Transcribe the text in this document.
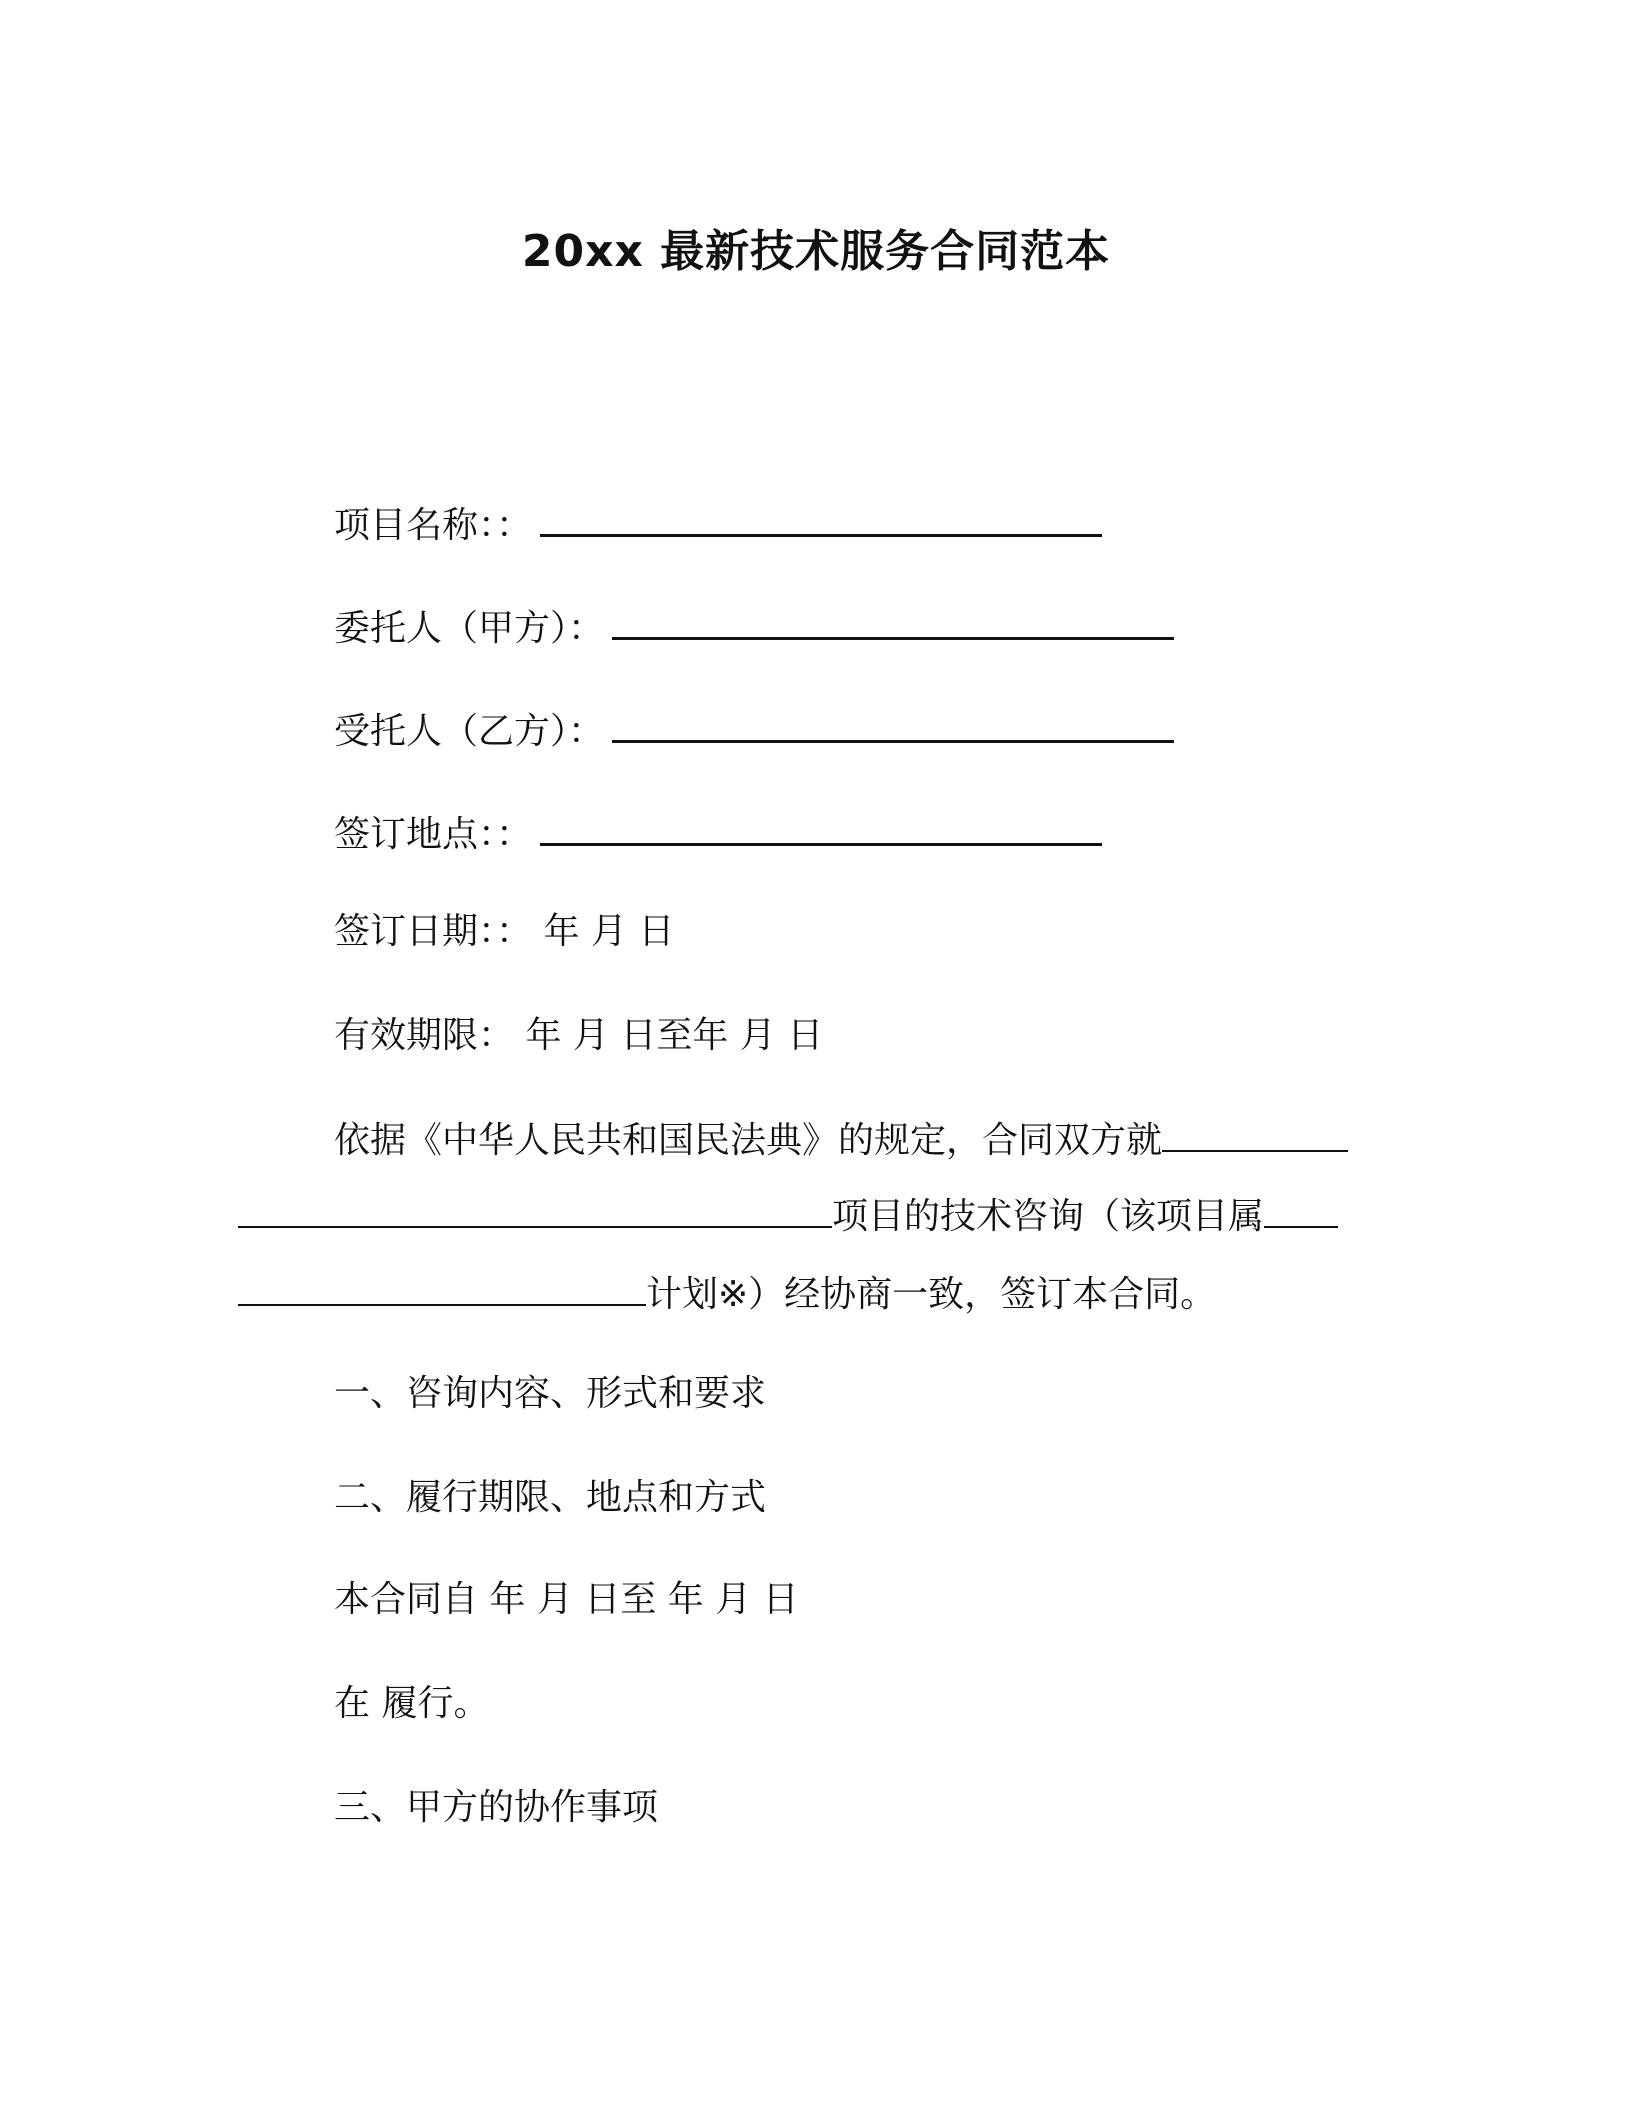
20xx 最新技术服务合同范本
项目名称：：
委托人（甲方）：
受托人（乙方）：
签订地点：：
签订日期：： 年 月 日
有效期限： 年 月 日至年 月 日
依据《中华人民共和国民法典》的规定，合同双方就
项目的技术咨询（该项目属
计划※）经协商一致，签订本合同。
一、咨询内容、形式和要求
二、履行期限、地点和方式
本合同自 年 月 日至 年 月 日
在 履行。
三、甲方的协作事项
